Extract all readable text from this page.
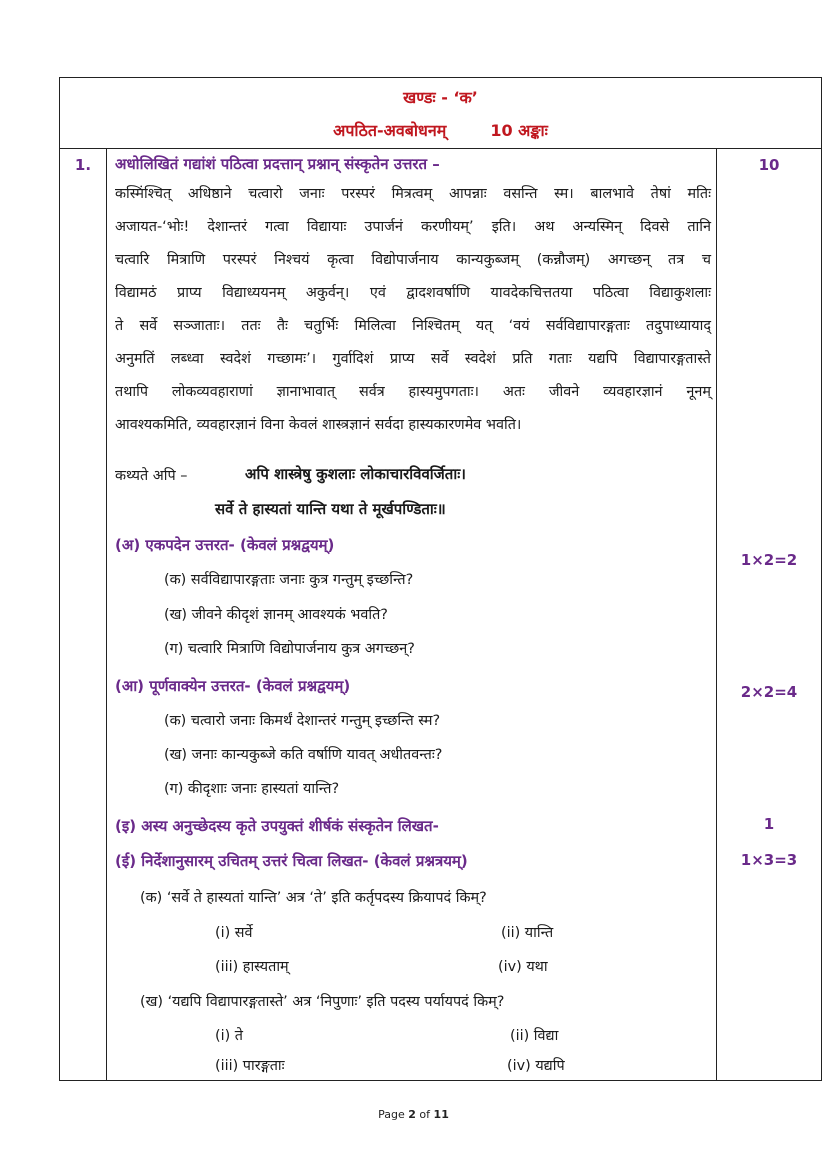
खण्डः - ‘क’
अपठित-अवबोधनम्	10 अङ्काः
1.	10
अधोलिखितं गद्यांशं पठित्वा प्रदत्तान् प्रश्नान् संस्कृतेन उत्तरत –
कस्मिंश्चित् अधिष्ठाने चत्वारो जनाः परस्परं मित्रत्वम् आपन्नाः वसन्ति स्म। बालभावे तेषां मतिः
अजायत-‘भोः! देशान्तरं गत्वा विद्यायाः उपार्जनं करणीयम्’ इति। अथ अन्यस्मिन् दिवसे तानि
चत्वारि मित्राणि परस्परं निश्चयं कृत्वा विद्योपार्जनाय कान्यकुब्जम् (कन्नौजम्) अगच्छन् तत्र च
विद्यामठं प्राप्य विद्याध्ययनम् अकुर्वन्। एवं द्वादशवर्षाणि यावदेकचित्ततया पठित्वा विद्याकुशलाः
ते सर्वे सञ्जाताः। ततः तैः चतुर्भिः मिलित्वा निश्चितम् यत् ‘वयं सर्वविद्यापारङ्गताः तदुपाध्यायाद्
अनुमतिं लब्ध्वा स्वदेशं गच्छामः’। गुर्वादिशं प्राप्य सर्वे स्वदेशं प्रति गताः यद्यपि विद्यापारङ्गतास्ते
तथापि लोकव्यवहाराणां ज्ञानाभावात् सर्वत्र हास्यमुपगताः। अतः जीवने व्यवहारज्ञानं नूनम्
आवश्यकमिति, व्यवहारज्ञानं विना केवलं शास्त्रज्ञानं सर्वदा हास्यकारणमेव भवति।
कथ्यते अपि –	अपि शास्त्रेषु कुशलाः लोकाचारविवर्जिताः।
सर्वे ते हास्यतां यान्ति यथा ते मूर्खपण्डिताः॥
(अ) एकपदेन उत्तरत- (केवलं प्रश्नद्वयम्)
1×2=2
(क) सर्वविद्यापारङ्गताः जनाः कुत्र गन्तुम् इच्छन्ति?
(ख) जीवने कीदृशं ज्ञानम् आवश्यकं भवति?
(ग) चत्वारि मित्राणि विद्योपार्जनाय कुत्र अगच्छन्?
(आ) पूर्णवाक्येन उत्तरत- (केवलं प्रश्नद्वयम्)	2×2=4
(क) चत्वारो जनाः किमर्थं देशान्तरं गन्तुम् इच्छन्ति स्म?
(ख) जनाः कान्यकुब्जे कति वर्षाणि यावत् अधीतवन्तः?
(ग) कीदृशाः जनाः हास्यतां यान्ति?
(इ) अस्य अनुच्छेदस्य कृते उपयुक्तं शीर्षकं संस्कृतेन लिखत-	1
(ई) निर्देशानुसारम् उचितम् उत्तरं चित्वा लिखत- (केवलं प्रश्नत्रयम्)	1×3=3
(क) ‘सर्वे ते हास्यतां यान्ति’ अत्र ‘ते’ इति कर्तृपदस्य क्रियापदं किम्?
(i) सर्वे	(ii) यान्ति
(iii) हास्यताम्	(iv) यथा
(ख) ‘यद्यपि विद्यापारङ्गतास्ते’ अत्र ‘निपुणाः’ इति पदस्य पर्यायपदं किम्?
(i) ते	(ii) विद्या
(iii) पारङ्गताः	(iv) यद्यपि
Page 2 of 11
